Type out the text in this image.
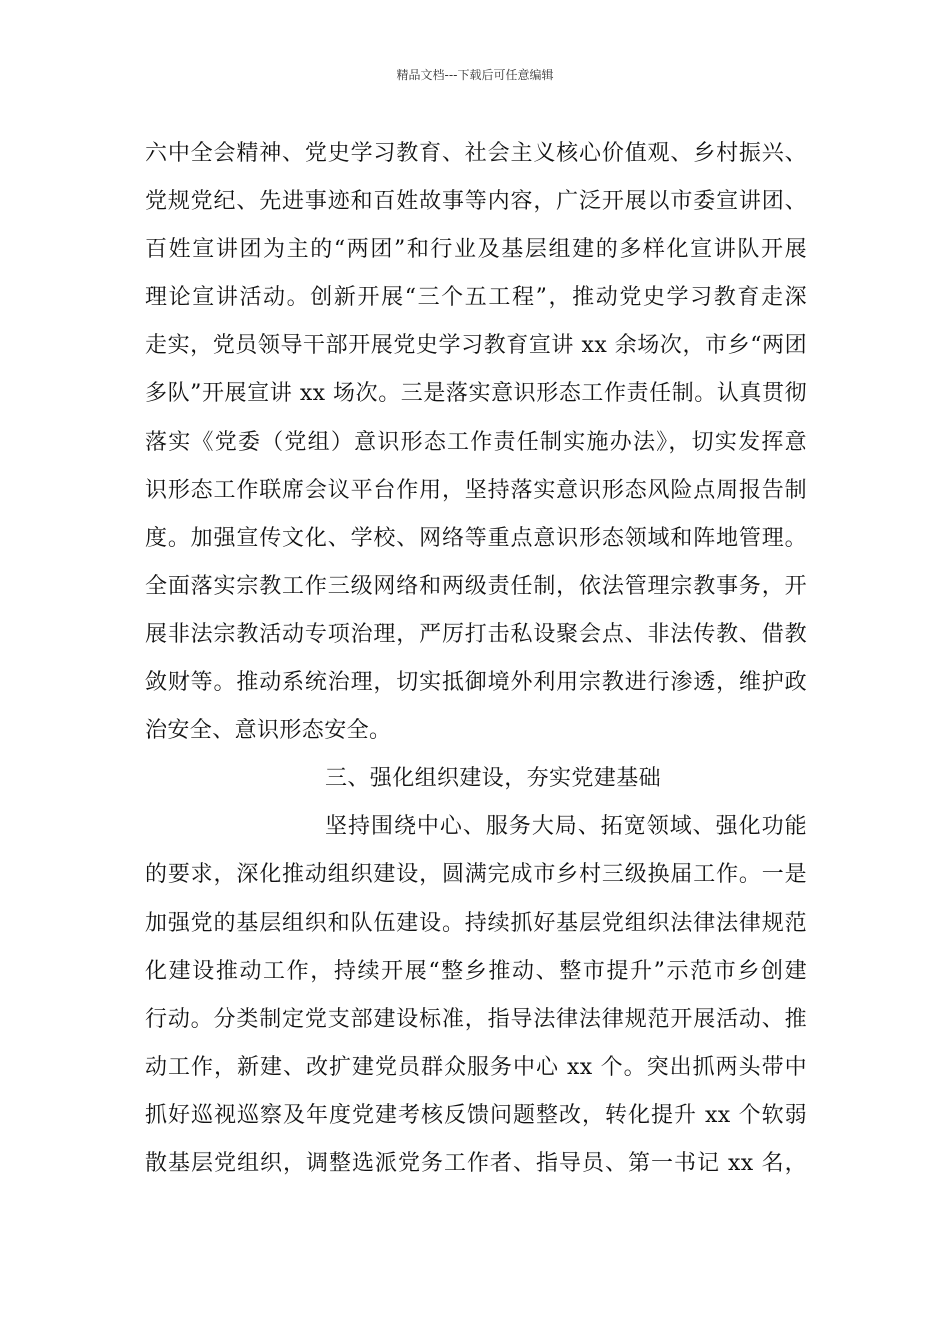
精品文档---下载后可任意编辑
六中全会精神、党史学习教育、社会主义核心价值观、乡村振兴、
党规党纪、先进事迹和百姓故事等内容，广泛开展以市委宣讲团、
百姓宣讲团为主的“两团”和行业及基层组建的多样化宣讲队开展
理论宣讲活动。创新开展“三个五工程”，推动党史学习教育走深
走实，党员领导干部开展党史学习教育宣讲 xx 余场次，市乡“两团
多队”开展宣讲 xx 场次。三是落实意识形态工作责任制。认真贯彻
落实《党委（党组）意识形态工作责任制实施办法》，切实发挥意
识形态工作联席会议平台作用，坚持落实意识形态风险点周报告制
度。加强宣传文化、学校、网络等重点意识形态领域和阵地管理。
全面落实宗教工作三级网络和两级责任制，依法管理宗教事务，开
展非法宗教活动专项治理，严厉打击私设聚会点、非法传教、借教
敛财等。推动系统治理，切实抵御境外利用宗教进行渗透，维护政
治安全、意识形态安全。
三、强化组织建设，夯实党建基础
坚持围绕中心、服务大局、拓宽领域、强化功能
的要求，深化推动组织建设，圆满完成市乡村三级换届工作。一是
加强党的基层组织和队伍建设。持续抓好基层党组织法律法律规范
化建设推动工作，持续开展“整乡推动、整市提升”示范市乡创建
行动。分类制定党支部建设标准，指导法律法律规范开展活动、推
动工作，新建、改扩建党员群众服务中心 xx 个。突出抓两头带中
抓好巡视巡察及年度党建考核反馈问题整改，转化提升 xx 个软弱
散基层党组织，调整选派党务工作者、指导员、第一书记 xx 名，
